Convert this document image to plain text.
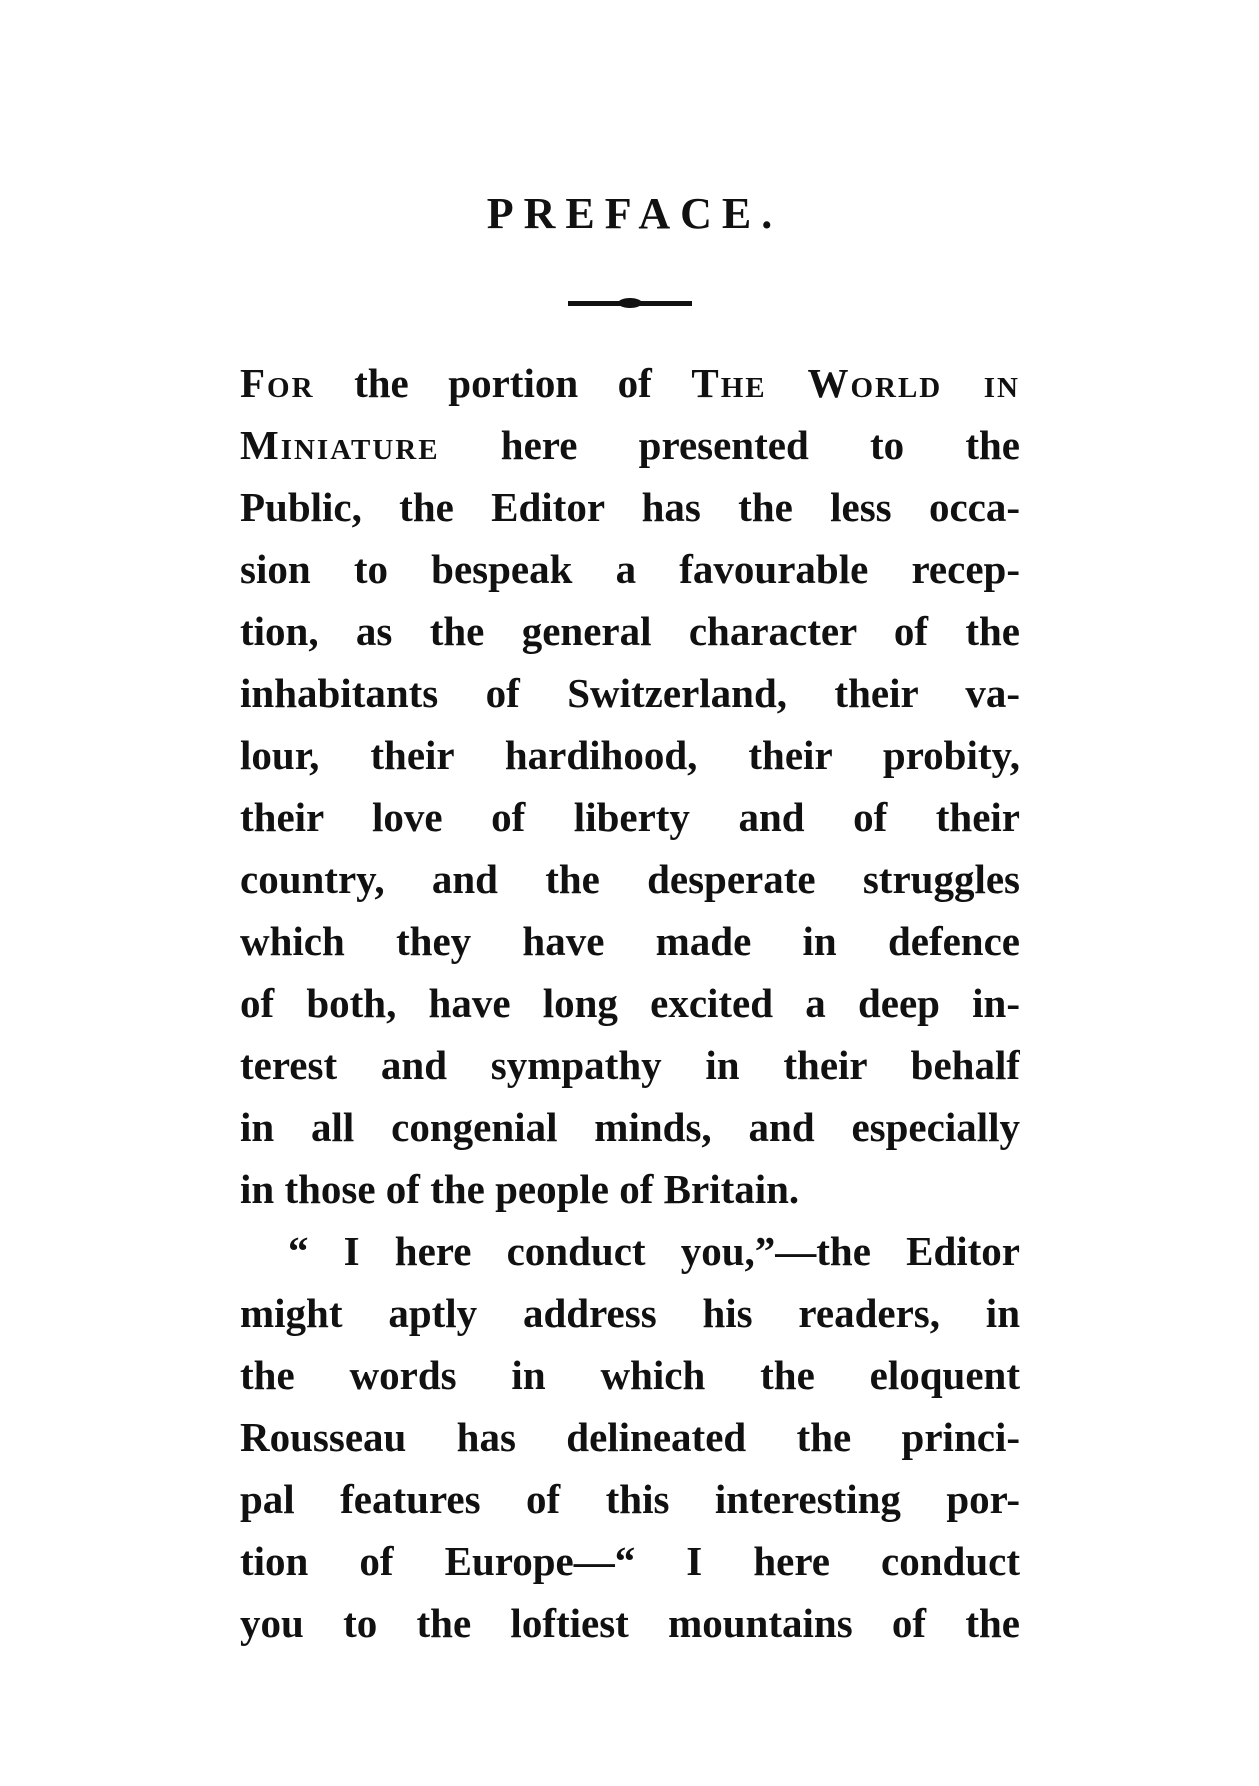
PREFACE.
For the portion of The World in
Miniature here presented to the
Public, the Editor has the less occa-
sion to bespeak a favourable recep-
tion, as the general character of the
inhabitants of Switzerland, their va-
lour, their hardihood, their probity,
their love of liberty and of their
country, and the desperate struggles
which they have made in defence
of both, have long excited a deep in-
terest and sympathy in their behalf
in all congenial minds, and especially
in those of the people of Britain.
“ I here conduct you,”—the Editor
might aptly address his readers, in
the words in which the eloquent
Rousseau has delineated the princi-
pal features of this interesting por-
tion of Europe—“ I here conduct
you to the loftiest mountains of the
